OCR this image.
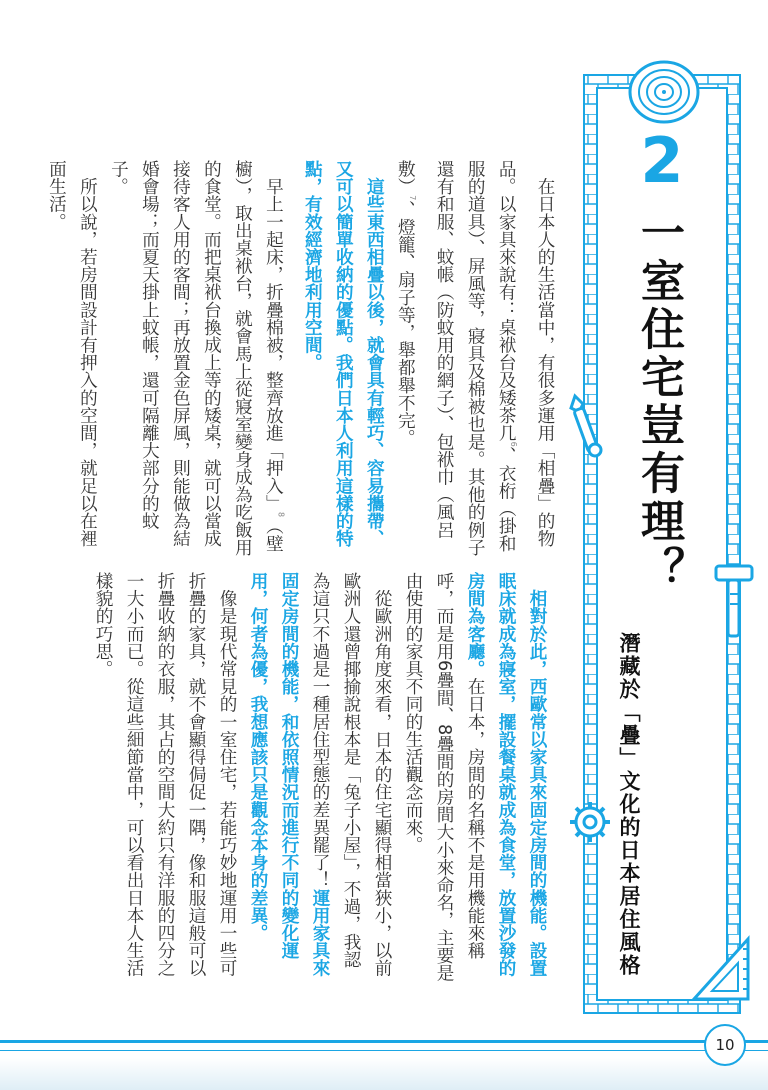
2
一室住宅豈有理？
潛藏於「疊」文化的日本居住風格

　在日本人的生活當中，有很多運用「相疊」的物品。以家具來說有：桌袱台及矮茶几$^6$、衣桁（掛和服的道具）、屏風等，寢具及棉被也是。其他的例子還有和服、蚊帳（防蚊用的網子）、包袱巾（風呂敷）$^7$、燈籠、扇子等，舉都舉不完。

　這些東西相疊以後，就會具有輕巧、容易攜帶、又可以簡單收納的優點。我們日本人利用這樣的特點，有效經濟地利用空間。

　早上一起床，折疊棉被，整齊放進「押入」$^8$（壁櫥），取出桌袱台，就會馬上從寢室變身成為吃飯用的食堂。而把桌袱台換成上等的矮桌，就可以當成接待客人用的客間；再放置金色屏風，則能做為結婚會場；而夏天掛上蚊帳，還可隔離大部分的蚊子。

　所以說，若房間設計有押入的空間，就足以在裡面生活。

　相對於此，西歐常以家具來固定房間的機能。設置眠床就成為寢室，擺設餐桌就成為食堂，放置沙發的房間為客廳。在日本，房間的名稱不是用機能來稱呼，而是用6疊間、8疊間的房間大小來命名，主要是由使用的家具不同的生活觀念而來。

　從歐洲角度來看，日本的住宅顯得相當狹小，以前歐洲人還曾揶揄說根本是「兔子小屋」，不過，我認為這只不過是一種居住型態的差異罷了！運用家具來固定房間的機能，和依照情況而進行不同的變化運用，何者為優，我想應該只是觀念本身的差異。

　像是現代常見的一室住宅，若能巧妙地運用一些可折疊的家具，就不會顯得侷促一隅，像和服這般可以折疊收納的衣服，其占的空間大約只有洋服的四分之一大小而已。從這些細節當中，可以看出日本人生活樣貌的巧思。

10
